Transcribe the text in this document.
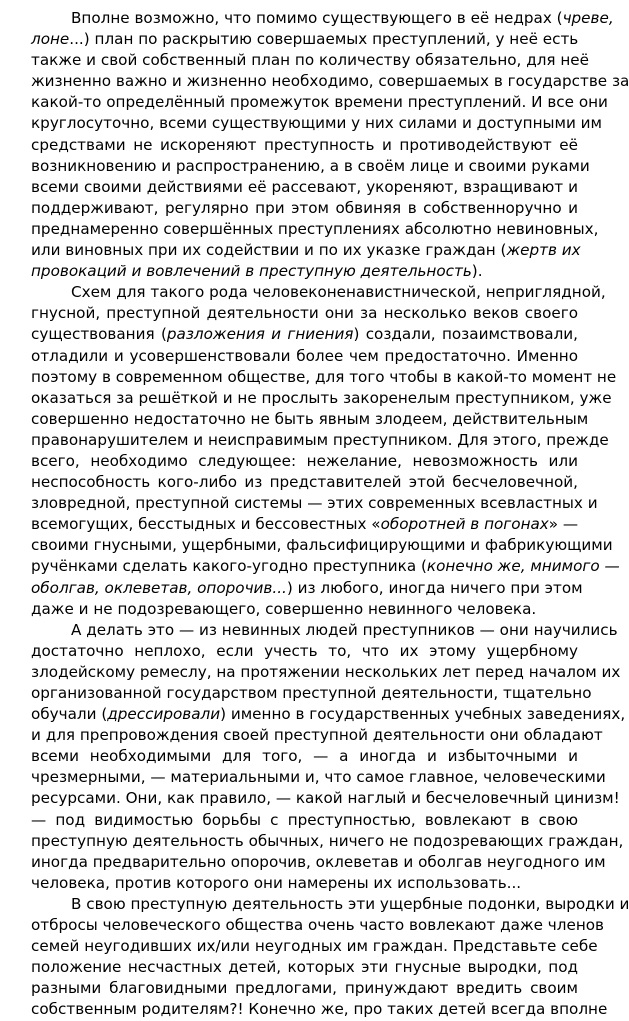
Вполне возможно, что помимо существующего в её недрах (чреве,
лоне...) план по раскрытию совершаемых преступлений, у неё есть
также и свой собственный план по количеству обязательно, для неё
жизненно важно и жизненно необходимо, совершаемых в государстве за
какой-то определённый промежуток времени преступлений. И все они
круглосуточно, всеми существующими у них силами и доступными им
средствами не искореняют преступность и противодействуют её
возникновению и распространению, а в своём лице и своими руками
всеми своими действиями её рассевают, укореняют, взращивают и
поддерживают, регулярно при этом обвиняя в собственноручно и
преднамеренно совершённых преступлениях абсолютно невиновных,
или виновных при их содействии и по их указке граждан (жертв их
провокаций и вовлечений в преступную деятельность).
Схем для такого рода человеконенавистнической, неприглядной,
гнусной, преступной деятельности они за несколько веков своего
существования (разложения и гниения) создали, позаимствовали,
отладили и усовершенствовали более чем предостаточно. Именно
поэтому в современном обществе, для того чтобы в какой-то момент не
оказаться за решёткой и не прослыть закоренелым преступником, уже
совершенно недостаточно не быть явным злодеем, действительным
правонарушителем и неисправимым преступником. Для этого, прежде
всего, необходимо следующее: нежелание, невозможность или
неспособность кого-либо из представителей этой бесчеловечной,
зловредной, преступной системы — этих современных всевластных и
всемогущих, бесстыдных и бессовестных «оборотней в погонах» —
своими гнусными, ущербными, фальсифицирующими и фабрикующими
ручёнками сделать какого-угодно преступника (конечно же, мнимого —
оболгав, оклеветав, опорочив...) из любого, иногда ничего при этом
даже и не подозревающего, совершенно невинного человека.
А делать это — из невинных людей преступников — они научились
достаточно неплохо, если учесть то, что их этому ущербному
злодейскому ремеслу, на протяжении нескольких лет перед началом их
организованной государством преступной деятельности, тщательно
обучали (дрессировали) именно в государственных учебных заведениях,
и для препровождения своей преступной деятельности они обладают
всеми необходимыми для того, — а иногда и избыточными и
чрезмерными, — материальными и, что самое главное, человеческими
ресурсами. Они, как правило, — какой наглый и бесчеловечный цинизм!
— под видимостью борьбы с преступностью, вовлекают в свою
преступную деятельность обычных, ничего не подозревающих граждан,
иногда предварительно опорочив, оклеветав и оболгав неугодного им
человека, против которого они намерены их использовать...
В свою преступную деятельность эти ущербные подонки, выродки и
отбросы человеческого общества очень часто вовлекают даже членов
семей неугодивших их/или неугодных им граждан. Представьте себе
положение несчастных детей, которых эти гнусные выродки, под
разными благовидными предлогами, принуждают вредить своим
собственным родителям?! Конечно же, про таких детей всегда вполне
